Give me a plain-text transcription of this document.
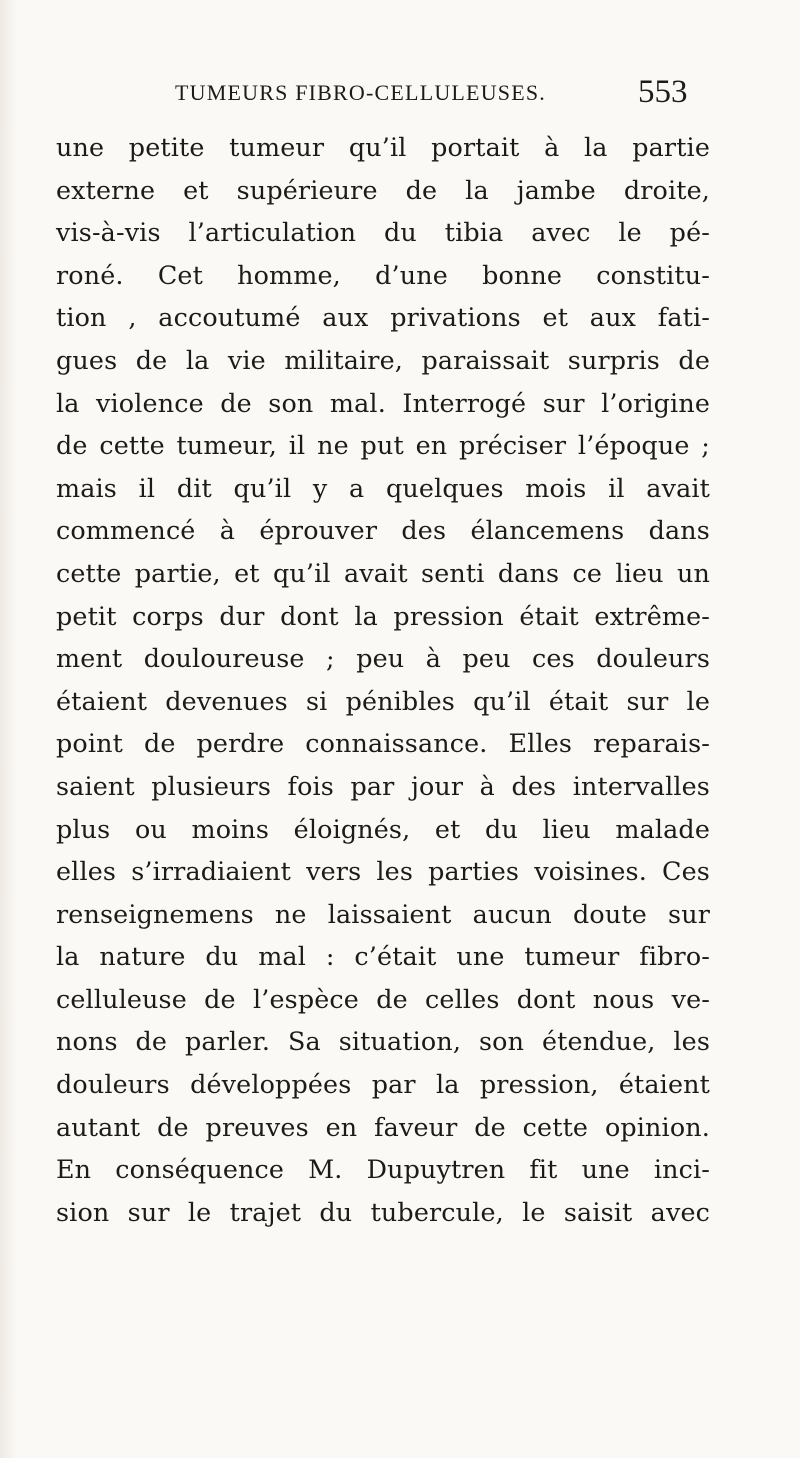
TUMEURS FIBRO-CELLULEUSES.	553
une petite tumeur qu’il portait à la partie
externe et supérieure de la jambe droite,
vis-à-vis l’articulation du tibia avec le pé-
roné. Cet homme, d’une bonne constitu-
tion , accoutumé aux privations et aux fati-
gues de la vie militaire, paraissait surpris de
la violence de son mal. Interrogé sur l’origine
de cette tumeur, il ne put en préciser l’époque ;
mais il dit qu’il y a quelques mois il avait
commencé à éprouver des élancemens dans
cette partie, et qu’il avait senti dans ce lieu un
petit corps dur dont la pression était extrême-
ment douloureuse ; peu à peu ces douleurs
étaient devenues si pénibles qu’il était sur le
point de perdre connaissance. Elles reparais-
saient plusieurs fois par jour à des intervalles
plus ou moins éloignés, et du lieu malade
elles s’irradiaient vers les parties voisines. Ces
renseignemens ne laissaient aucun doute sur
la nature du mal : c’était une tumeur fibro-
celluleuse de l’espèce de celles dont nous ve-
nons de parler. Sa situation, son étendue, les
douleurs développées par la pression, étaient
autant de preuves en faveur de cette opinion.
En conséquence M. Dupuytren fit une inci-
sion sur le trajet du tubercule, le saisit avec
